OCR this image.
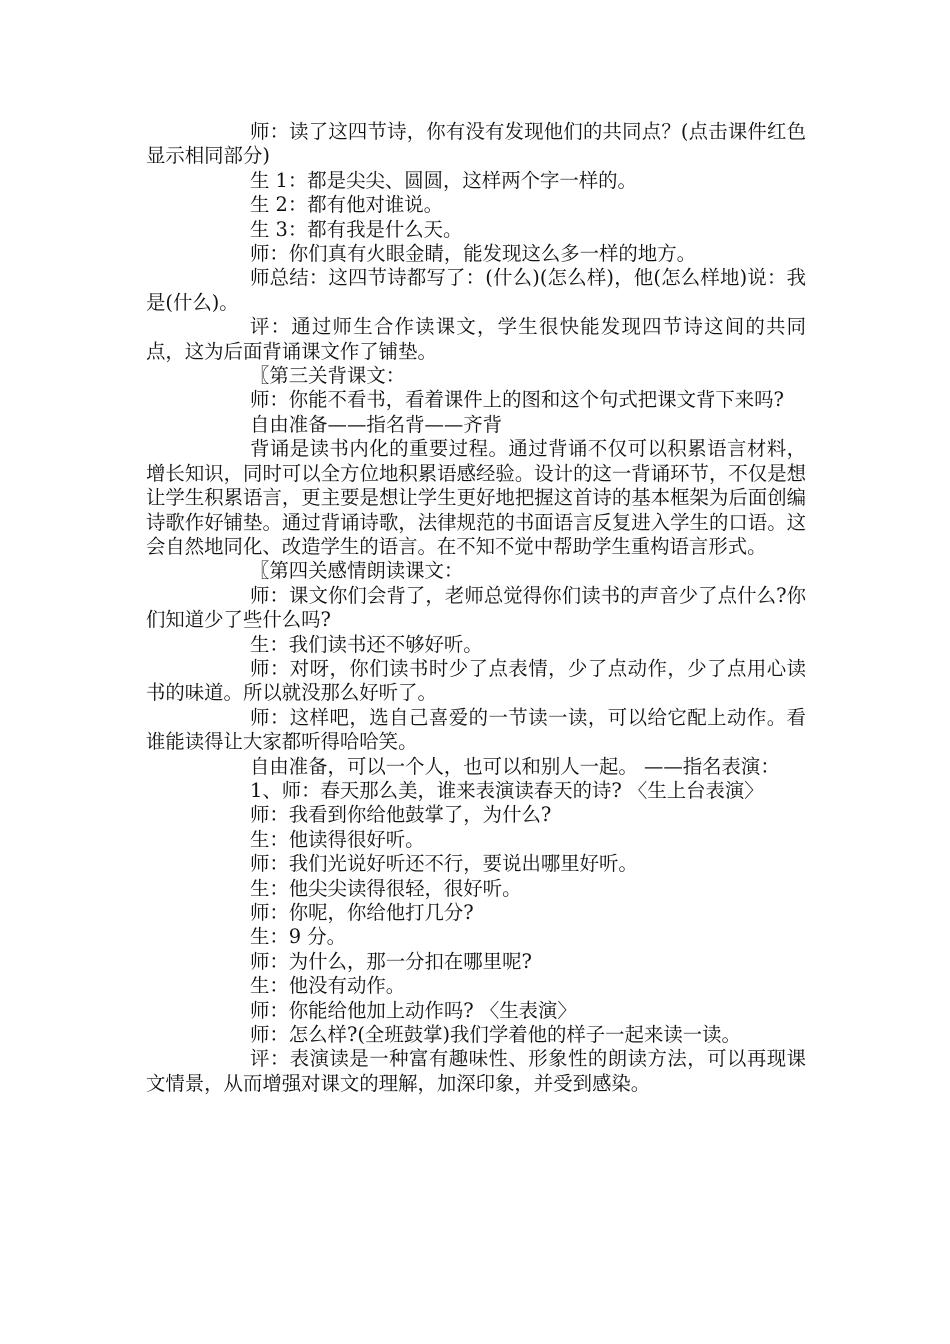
师：读了这四节诗，你有没有发现他们的共同点？(点击课件红色显示相同部分)

生 1：都是尖尖、圆圆，这样两个字一样的。

生 2：都有他对谁说。

生 3：都有我是什么天。

师：你们真有火眼金睛，能发现这么多一样的地方。

师总结：这四节诗都写了：(什么)(怎么样)，他(怎么样地)说：我是(什么)。

评：通过师生合作读课文，学生很快能发现四节诗这间的共同点，这为后面背诵课文作了铺垫。

〖第三关背课文：

师：你能不看书，看着课件上的图和这个句式把课文背下来吗?

自由准备——指名背——齐背

背诵是读书内化的重要过程。通过背诵不仅可以积累语言材料，增长知识，同时可以全方位地积累语感经验。设计的这一背诵环节，不仅是想让学生积累语言，更主要是想让学生更好地把握这首诗的基本框架为后面创编诗歌作好铺垫。通过背诵诗歌，法律规范的书面语言反复进入学生的口语。这会自然地同化、改造学生的语言。在不知不觉中帮助学生重构语言形式。

〖第四关感情朗读课文：

师：课文你们会背了，老师总觉得你们读书的声音少了点什么?你们知道少了些什么吗?

生：我们读书还不够好听。

师：对呀，你们读书时少了点表情，少了点动作，少了点用心读书的味道。所以就没那么好听了。

师：这样吧，选自己喜爱的一节读一读，可以给它配上动作。看谁能读得让大家都听得哈哈笑。

自由准备，可以一个人，也可以和别人一起。 ——指名表演：

1、师：春天那么美，谁来表演读春天的诗? 〈生上台表演〉

师：我看到你给他鼓掌了，为什么?

生：他读得很好听。

师：我们光说好听还不行，要说出哪里好听。

生：他尖尖读得很轻，很好听。

师：你呢，你给他打几分?

生：9 分。

师：为什么，那一分扣在哪里呢?

生：他没有动作。

师：你能给他加上动作吗? 〈生表演〉

师：怎么样?(全班鼓掌)我们学着他的样子一起来读一读。

评：表演读是一种富有趣味性、形象性的朗读方法，可以再现课文情景，从而增强对课文的理解，加深印象，并受到感染。
